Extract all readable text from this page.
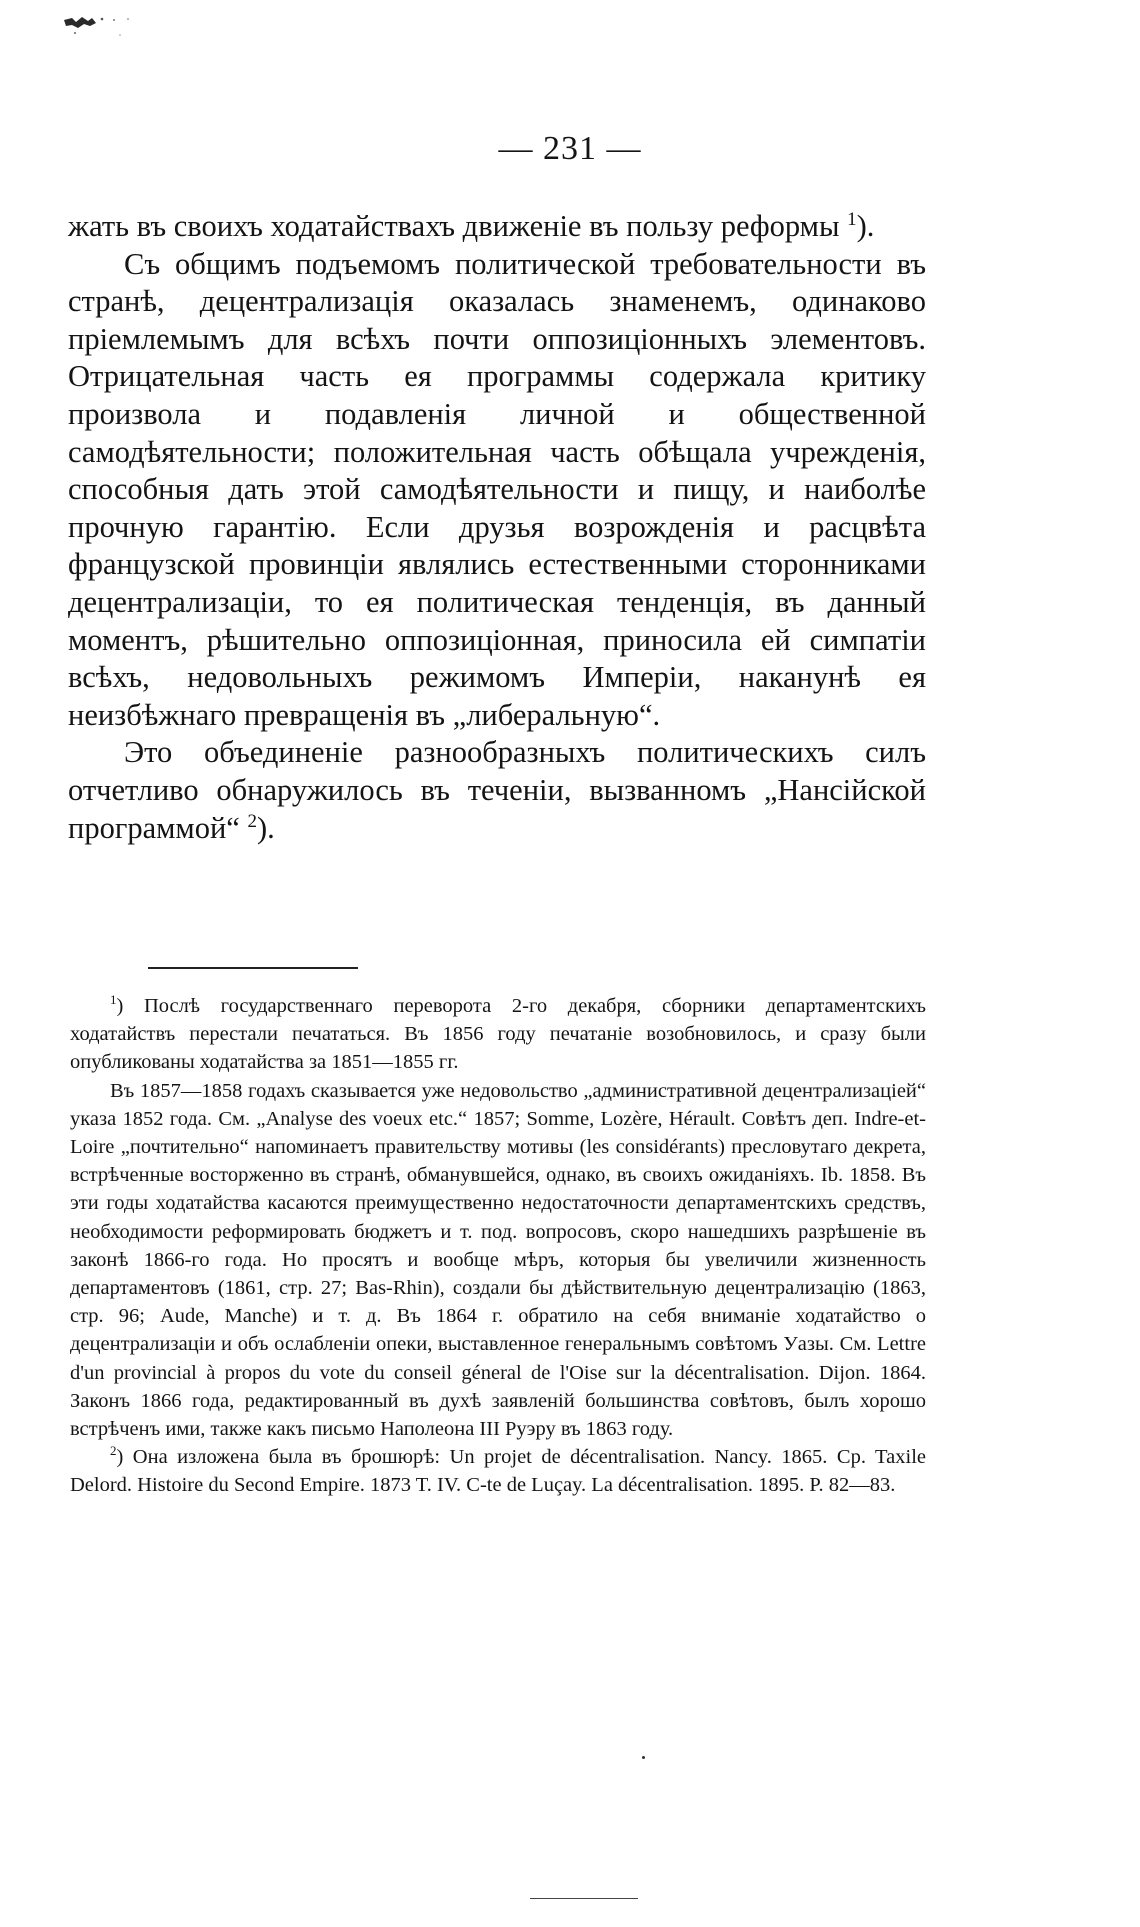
— 231 —

жать въ своихъ ходатайствахъ движеніе въ пользу реформы $^1$).

Съ общимъ подъемомъ политической требовательности въ странѣ, децентрализація оказалась знаменемъ, одинаково пріемлемымъ для всѣхъ почти оппозиціонныхъ элементовъ. Отрицательная часть ея программы содержала критику произвола и подавленія личной и общественной самодѣятельности; положительная часть обѣщала учрежденія, способныя дать этой самодѣятельности и пищу, и наиболѣе прочную гарантію. Если друзья возрожденія и расцвѣта французской провинціи являлись естественными сторонниками децентрализаціи, то ея политическая тенденція, въ данный моментъ, рѣшительно оппозиціонная, приносила ей симпатіи всѣхъ, недовольныхъ режимомъ Имперіи, наканунѣ ея неизбѣжнаго превращенія въ „либеральную“.

Это объединеніе разнообразныхъ политическихъ силъ отчетливо обнаружилось въ теченіи, вызванномъ „Нансійской программой“ $^2$).

$^1$) Послѣ государственнаго переворота 2-го декабря, сборники департаментскихъ ходатайствъ перестали печататься. Въ 1856 году печатаніе возобновилось, и сразу были опубликованы ходатайства за 1851—1855 гг.

Въ 1857—1858 годахъ сказывается уже недовольство „административной децентрализаціей“ указа 1852 года. См. „Analyse des voeux etc.“ 1857; Somme, Lozère, Hérault. Совѣтъ деп. Indre-et-Loire „почтительно“ напоминаетъ правительству мотивы (les considérants) пресловутаго декрета, встрѣченные восторженно въ странѣ, обманувшейся, однако, въ своихъ ожиданіяхъ. Ib. 1858. Въ эти годы ходатайства касаются преимущественно недостаточности департаментскихъ средствъ, необходимости реформировать бюджетъ и т. под. вопросовъ, скоро нашедшихъ разрѣшеніе въ законѣ 1866-го года. Но просятъ и вообще мѣръ, которыя бы увеличили жизненность департаментовъ (1861, стр. 27; Bas-Rhin), создали бы дѣйствительную децентрализацію (1863, стр. 96; Aude, Manche) и т. д. Въ 1864 г. обратило на себя вниманіе ходатайство о децентрализаціи и объ ослабленіи опеки, выставленное генеральнымъ совѣтомъ Уазы. См. Lettre d'un provincial à propos du vote du conseil géneral de l'Oise sur la décentralisation. Dijon. 1864. Законъ 1866 года, редактированный въ духѣ заявленій большинства совѣтовъ, былъ хорошо встрѣченъ ими, также какъ письмо Наполеона III Руэру въ 1863 году.

$^2$) Она изложена была въ брошюрѣ: Un projet de décentralisation. Nancy. 1865. Cp. Taxile Delord. Histoire du Second Empire. 1873 T. IV. C-te de Luçay. La décentralisation. 1895. P. 82—83.
